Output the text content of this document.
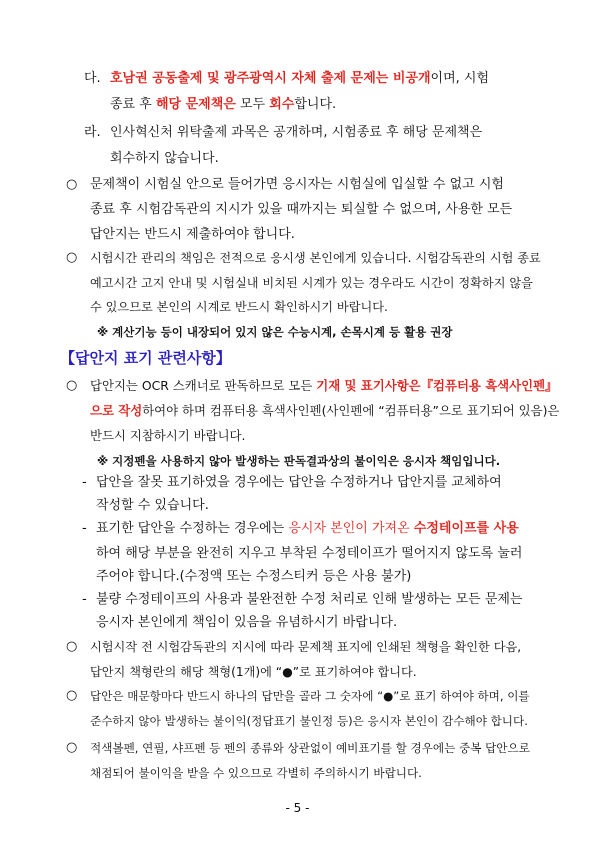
다. 호남권 공동출제 및 광주광역시 자체 출제 문제는 비공개이며, 시험
종료 후 해당 문제책은 모두 회수합니다.
라. 인사혁신처 위탁출제 과목은 공개하며, 시험종료 후 해당 문제책은
회수하지 않습니다.
○ 문제책이 시험실 안으로 들어가면 응시자는 시험실에 입실할 수 없고 시험
종료 후 시험감독관의 지시가 있을 때까지는 퇴실할 수 없으며, 사용한 모든
답안지는 반드시 제출하여야 합니다.
○ 시험시간 관리의 책임은 전적으로 응시생 본인에게 있습니다. 시험감독관의 시험 종료
예고시간 고지 안내 및 시험실내 비치된 시계가 있는 경우라도 시간이 정확하지 않을
수 있으므로 본인의 시계로 반드시 확인하시기 바랍니다.
※ 계산기능 등이 내장되어 있지 않은 수능시계, 손목시계 등 활용 권장
【답안지 표기 관련사항】
○ 답안지는 OCR 스캐너로 판독하므로 모든 기재 및 표기사항은『컴퓨터용 흑색사인펜』
으로 작성하여야 하며 컴퓨터용 흑색사인펜(사인펜에 “컴퓨터용”으로 표기되어 있음)은
반드시 지참하시기 바랍니다.
※ 지정펜을 사용하지 않아 발생하는 판독결과상의 불이익은 응시자 책임입니다.
- 답안을 잘못 표기하였을 경우에는 답안을 수정하거나 답안지를 교체하여
작성할 수 있습니다.
- 표기한 답안을 수정하는 경우에는 응시자 본인이 가져온 수정테이프를 사용
하여 해당 부분을 완전히 지우고 부착된 수정테이프가 떨어지지 않도록 눌러
주어야 합니다.(수정액 또는 수정스티커 등은 사용 불가)
- 불량 수정테이프의 사용과 불완전한 수정 처리로 인해 발생하는 모든 문제는
응시자 본인에게 책임이 있음을 유념하시기 바랍니다.
○ 시험시작 전 시험감독관의 지시에 따라 문제책 표지에 인쇄된 책형을 확인한 다음,
답안지 책형란의 해당 책형(1개)에 “●”로 표기하여야 합니다.
○ 답안은 매문항마다 반드시 하나의 답만을 골라 그 숫자에 “●”로 표기 하여야 하며, 이를
준수하지 않아 발생하는 불이익(정답표기 불인정 등)은 응시자 본인이 감수해야 합니다.
○ 적색볼펜, 연필, 샤프펜 등 펜의 종류와 상관없이 예비표기를 할 경우에는 중복 답안으로
채점되어 불이익을 받을 수 있으므로 각별히 주의하시기 바랍니다.
- 5 -
